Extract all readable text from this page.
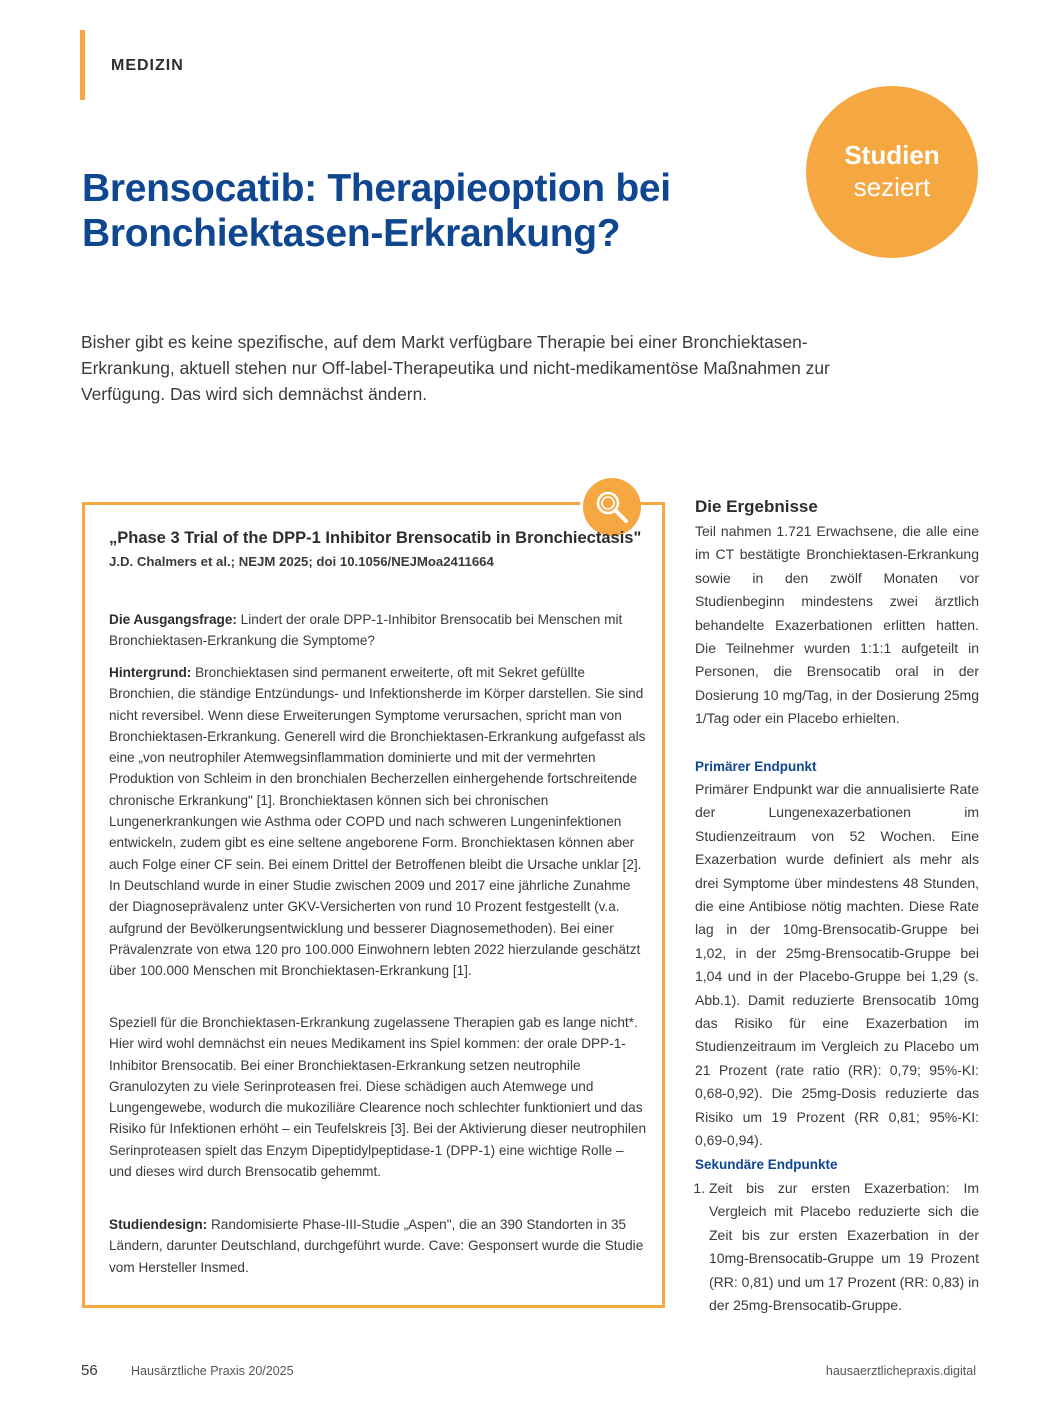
MEDIZIN
Studien
seziert
Brensocatib: Therapieoption bei Bronchiektasen-Erkrankung?

Bisher gibt es keine spezifische, auf dem Markt verfügbare Therapie bei einer Bronchiektasen-Erkrankung, aktuell stehen nur Off-label-Therapeutika und nicht-medikamentöse Maßnahmen zur Verfügung. Das wird sich demnächst ändern.

„Phase 3 Trial of the DPP-1 Inhibitor Brensocatib in Bronchiectasis"

J.D. Chalmers et al.; NEJM 2025; doi 10.1056/NEJMoa2411664

Die Ausgangsfrage: Lindert der orale DPP-1-Inhibitor Brensocatib bei Menschen mit Bronchiektasen-Erkrankung die Symptome?

Hintergrund: Bronchiektasen sind permanent erweiterte, oft mit Sekret gefüllte Bronchien, die ständige Entzündungs- und Infektionsherde im Körper darstellen. Sie sind nicht reversibel. Wenn diese Erweiterungen Symptome verursachen, spricht man von Bronchiektasen-Erkrankung. Generell wird die Bronchiektasen-Erkrankung aufgefasst als eine „von neutrophiler Atemwegsinflammation dominierte und mit der vermehrten Produktion von Schleim in den bronchialen Becherzellen einhergehende fortschreitende chronische Erkrankung" [1]. Bronchiektasen können sich bei chronischen Lungenerkrankungen wie Asthma oder COPD und nach schweren Lungeninfektionen entwickeln, zudem gibt es eine seltene angeborene Form. Bronchiektasen können aber auch Folge einer CF sein. Bei einem Drittel der Betroffenen bleibt die Ursache unklar [2]. In Deutschland wurde in einer Studie zwischen 2009 und 2017 eine jährliche Zunahme der Diagnoseprävalenz unter GKV-Versicherten von rund 10 Prozent festgestellt (v.a. aufgrund der Bevölkerungsentwicklung und besserer Diagnosemethoden). Bei einer Prävalenzrate von etwa 120 pro 100.000 Einwohnern lebten 2022 hierzulande geschätzt über 100.000 Menschen mit Bronchiektasen-Erkrankung [1].

Speziell für die Bronchiektasen-Erkrankung zugelassene Therapien gab es lange nicht*. Hier wird wohl demnächst ein neues Medikament ins Spiel kommen: der orale DPP-1-Inhibitor Brensocatib. Bei einer Bronchiektasen-Erkrankung setzen neutrophile Granulozyten zu viele Serinproteasen frei. Diese schädigen auch Atemwege und Lungengewebe, wodurch die mukoziliäre Clearence noch schlechter funktioniert und das Risiko für Infektionen erhöht – ein Teufelskreis [3]. Bei der Aktivierung dieser neutrophilen Serinproteasen spielt das Enzym Dipeptidylpeptidase-1 (DPP-1) eine wichtige Rolle – und dieses wird durch Brensocatib gehemmt.

Studiendesign: Randomisierte Phase-III-Studie „Aspen", die an 390 Standorten in 35 Ländern, darunter Deutschland, durchgeführt wurde. Cave: Gesponsert wurde die Studie vom Hersteller Insmed.

Die Ergebnisse

Teil nahmen 1.721 Erwachsene, die alle eine im CT bestätigte Bronchiektasen-Erkrankung sowie in den zwölf Monaten vor Studienbeginn mindestens zwei ärztlich behandelte Exazerbationen erlitten hatten. Die Teilnehmer wurden 1:1:1 aufgeteilt in Personen, die Brensocatib oral in der Dosierung 10 mg/Tag, in der Dosierung 25mg 1/Tag oder ein Placebo erhielten.

Primärer Endpunkt

Primärer Endpunkt war die annualisierte Rate der Lungenexazerbationen im Studienzeitraum von 52 Wochen. Eine Exazerbation wurde definiert als mehr als drei Symptome über mindestens 48 Stunden, die eine Antibiose nötig machten. Diese Rate lag in der 10mg-Brensocatib-Gruppe bei 1,02, in der 25mg-Brensocatib-Gruppe bei 1,04 und in der Placebo-Gruppe bei 1,29 (s. Abb.1). Damit reduzierte Brensocatib 10mg das Risiko für eine Exazerbation im Studienzeitraum im Vergleich zu Placebo um 21 Prozent (rate ratio (RR): 0,79; 95%-KI: 0,68-0,92). Die 25mg-Dosis reduzierte das Risiko um 19 Prozent (RR 0,81; 95%-KI: 0,69-0,94).

Sekundäre Endpunkte
1. Zeit bis zur ersten Exazerbation: Im Vergleich mit Placebo reduzierte sich die Zeit bis zur ersten Exazerbation in der 10mg-Brensocatib-Gruppe um 19 Prozent (RR: 0,81) und um 17 Prozent (RR: 0,83) in der 25mg-Brensocatib-Gruppe.
56	Hausärztliche Praxis 20/2025	hausaerztlichepraxis.digital
